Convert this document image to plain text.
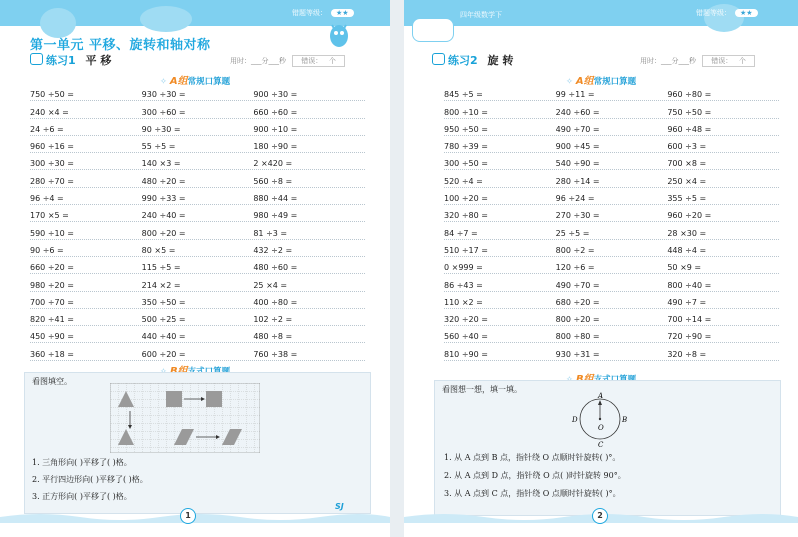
错题等级： ★★
第一单元 平移、旋转和轴对称
练习1 平 移	用时：___分___秒 错误： 个
✧ A组常规口算题
750 ÷50 =	930 ÷30 =	900 ÷30 =
240 ×4 =	300 ÷60 =	660 ÷60 =
24 ÷6 =	90 ÷30 =	900 ÷10 =
960 ÷16 =	55 ÷5 =	180 ÷90 =
300 ÷30 =	140 ×3 =	2 ×420 =
280 ÷70 =	480 ÷20 =	560 ÷8 =
96 ÷4 =	990 ÷33 =	880 ÷44 =
170 ×5 =	240 ÷40 =	980 ÷49 =
590 ÷10 =	800 ÷20 =	81 ÷3 =
90 ÷6 =	80 ×5 =	432 ÷2 =
660 ÷20 =	115 ÷5 =	480 ÷60 =
980 ÷20 =	214 ×2 =	25 ×4 =
700 ÷70 =	350 ÷50 =	400 ÷80 =
820 ÷41 =	500 ÷25 =	102 ÷2 =
450 ÷90 =	440 ÷40 =	480 ÷8 =
360 ÷18 =	600 ÷20 =	760 ÷38 =
看图填空。
1. 三角形向( )平移了( )格。
2. 平行四边形向( )平移了( )格。
3. 正方形向( )平移了( )格。
1
SJ
四年级数学下	错题等级： ★★
练习2 旋 转	用时：___分___秒 错误： 个
✧ A组常规口算题
845 ÷5 =	99 ÷11 =	960 ÷80 =
800 ÷10 =	240 ÷60 =	750 ÷50 =
950 ÷50 =	490 ÷70 =	960 ÷48 =
780 ÷39 =	900 ÷45 =	600 ÷3 =
300 ÷50 =	540 ÷90 =	700 ×8 =
520 ÷4 =	280 ÷14 =	250 ×4 =
100 ÷20 =	96 ÷24 =	355 ÷5 =
320 ÷80 =	270 ÷30 =	960 ÷20 =
84 ÷7 =	25 ÷5 =	28 ×30 =
510 ÷17 =	800 ÷2 =	448 ÷4 =
0 ×999 =	120 ÷6 =	50 ×9 =
86 ÷43 =	490 ÷70 =	800 ÷40 =
110 ×2 =	680 ÷20 =	490 ÷7 =
320 ÷20 =	800 ÷20 =	700 ÷14 =
560 ÷40 =	800 ÷80 =	720 ÷90 =
810 ÷90 =	930 ÷31 =	320 ÷8 =
看图想一想，填一填。
A
B
C
D
O
1. 从 A 点到 B 点，指针绕 O 点顺时针旋转( )°。
2. 从 A 点到 D 点，指针绕 O 点( )时针旋转 90°。
3. 从 A 点到 C 点，指针绕 O 点顺时针旋转( )°。
2
